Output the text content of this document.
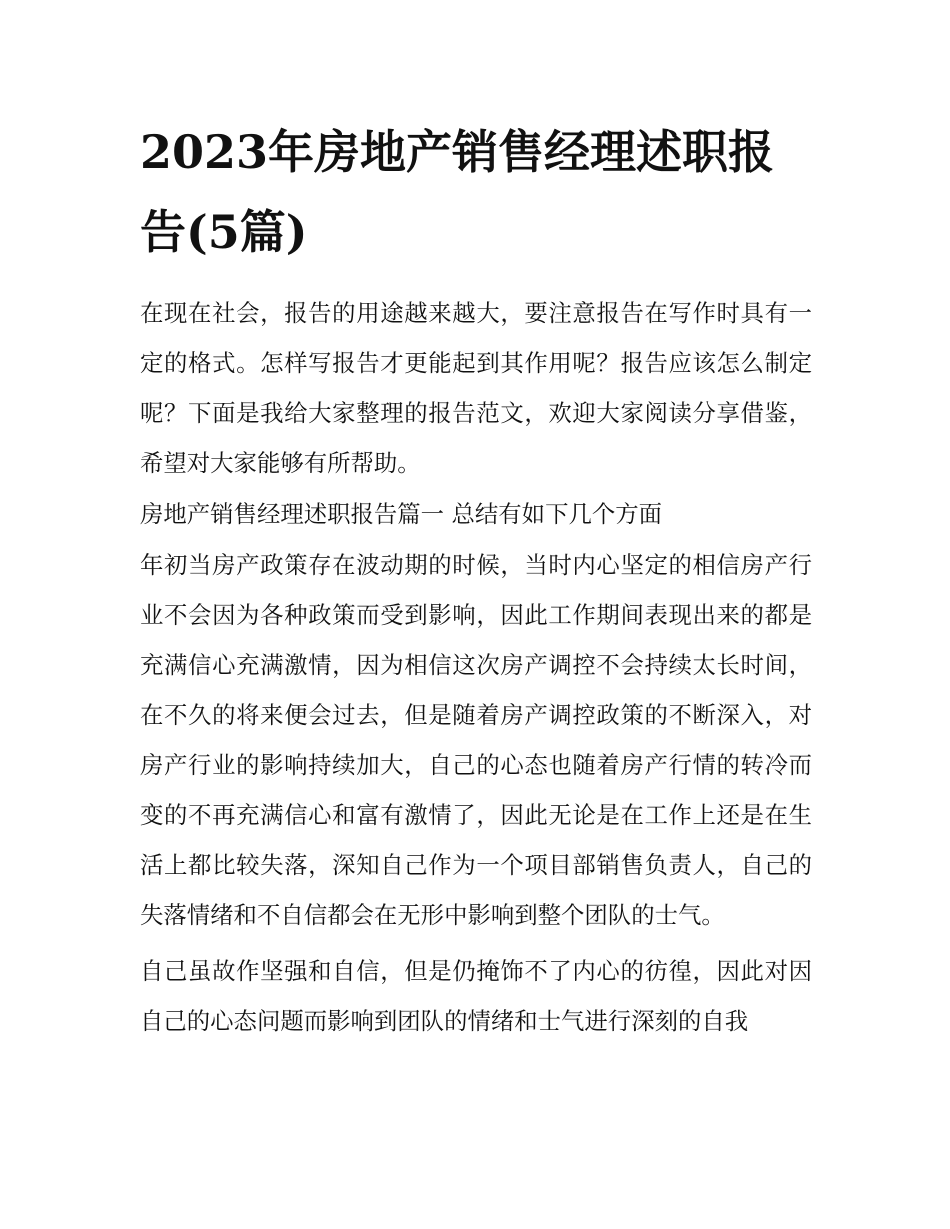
2023年房地产销售经理述职报告(5篇)

在现在社会，报告的用途越来越大，要注意报告在写作时具有一定的格式。怎样写报告才更能起到其作用呢？报告应该怎么制定呢？下面是我给大家整理的报告范文，欢迎大家阅读分享借鉴，希望对大家能够有所帮助。

房地产销售经理述职报告篇一 总结有如下几个方面

年初当房产政策存在波动期的时候，当时内心坚定的相信房产行业不会因为各种政策而受到影响，因此工作期间表现出来的都是充满信心充满激情，因为相信这次房产调控不会持续太长时间，在不久的将来便会过去，但是随着房产调控政策的不断深入，对房产行业的影响持续加大，自己的心态也随着房产行情的转冷而变的不再充满信心和富有激情了，因此无论是在工作上还是在生活上都比较失落，深知自己作为一个项目部销售负责人，自己的失落情绪和不自信都会在无形中影响到整个团队的士气。

自己虽故作坚强和自信，但是仍掩饰不了内心的彷徨，因此对因自己的心态问题而影响到团队的情绪和士气进行深刻的自我
